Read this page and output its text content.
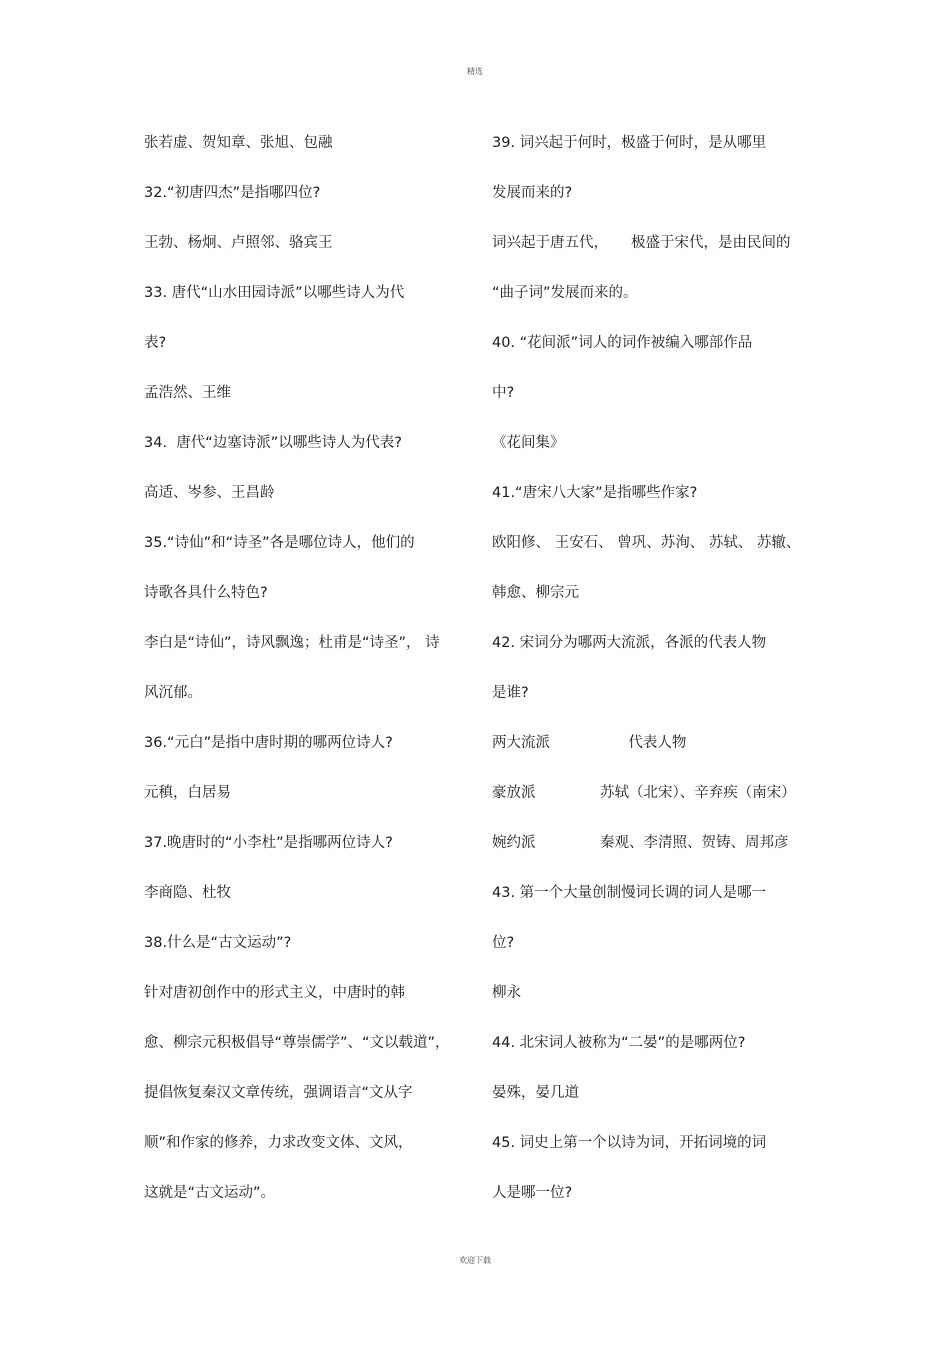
精选
张若虚、贺知章、张旭、包融
32.“初唐四杰”是指哪四位?
王勃、杨炯、卢照邻、骆宾王
33. 唐代“山水田园诗派”以哪些诗人为代
表?
孟浩然、王维
34.  唐代“边塞诗派”以哪些诗人为代表?
高适、岑参、王昌龄
35.“诗仙”和“诗圣”各是哪位诗人，他们的
诗歌各具什么特色?
李白是“诗仙”，诗风飘逸；杜甫是“诗圣”， 诗
风沉郁。
36.“元白”是指中唐时期的哪两位诗人?
元稹，白居易
37.晚唐时的“小李杜”是指哪两位诗人?
李商隐、杜牧
38.什么是“古文运动”?
针对唐初创作中的形式主义，中唐时的韩
愈、柳宗元积极倡导“尊崇儒学”、“文以载道”，
提倡恢复秦汉文章传统，强调语言“文从字
顺”和作家的修养，力求改变文体、文风，
这就是“古文运动”。
39. 词兴起于何时，极盛于何时，是从哪里
发展而来的?
词兴起于唐五代，     极盛于宋代，是由民间的
“曲子词”发展而来的。
40. “花间派”词人的词作被编入哪部作品
中?
《花间集》
41.“唐宋八大家”是指哪些作家?
欧阳修、 王安石、 曾巩、苏洵、 苏轼、 苏辙、
韩愈、柳宗元
42. 宋词分为哪两大流派，各派的代表人物
是谁?
两大流派                 代表人物
豪放派              苏轼（北宋）、辛弃疾（南宋）
婉约派              秦观、李清照、贺铸、周邦彦
43. 第一个大量创制慢词长调的词人是哪一
位?
柳永
44. 北宋词人被称为“二晏”的是哪两位?
晏殊，晏几道
45. 词史上第一个以诗为词，开拓词境的词
人是哪一位?
欢迎下载
